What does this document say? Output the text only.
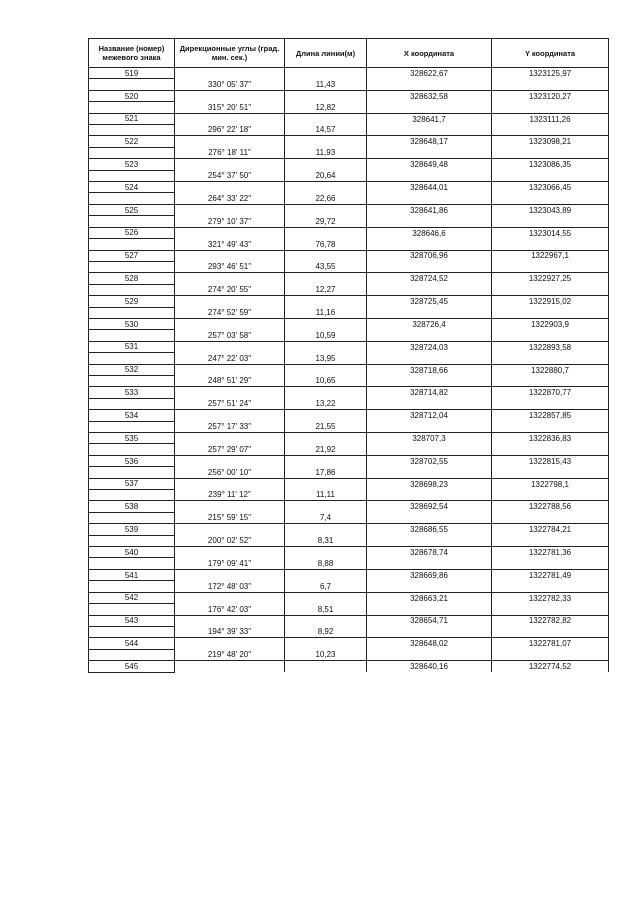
Название (номер) межевого знака	Дирекционные углы (град. мин. сек.)	Длина линии(м)	X координата	Y координата
519			328622,67	1323125,97
	330° 05' 37"	11,43		
520			328632,58	1323120,27
	315° 20' 51"	12,82		
521			328641,7	1323111,26
	296° 22' 18"	14,57		
522			328648,17	1323098,21
	276° 18' 11"	11,93		
523			328649,48	1323086,35
	254° 37' 50"	20,64		
524			328644,01	1323066,45
	264° 33' 22"	22,66		
525			328641,86	1323043,89
	279° 10' 37"	29,72		
526			328646,6	1323014,55
	321° 49' 43"	76,78		
527			328706,96	1322967,1
	293° 46' 51"	43,55		
528			328724,52	1322927,25
	274° 20' 55"	12,27		
529			328725,45	1322915,02
	274° 52' 59"	11,16		
530			328726,4	1322903,9
	257° 03' 58"	10,59		
531			328724,03	1322893,58
	247° 22' 03"	13,95		
532			328718,66	1322880,7
	248° 51' 29"	10,65		
533			328714,82	1322870,77
	257° 51' 24"	13,22		
534			328712,04	1322857,85
	257° 17' 33"	21,55		
535			328707,3	1322836,83
	257° 29' 07"	21,92		
536			328702,55	1322815,43
	256° 00' 10"	17,86		
537			328698,23	1322798,1
	239° 11' 12"	11,11		
538			328692,54	1322788,56
	215° 59' 15"	7,4		
539			328686,55	1322784,21
	200° 02' 52"	8,31		
540			328678,74	1322781,36
	179° 09' 41"	8,88		
541			328669,86	1322781,49
	172° 48' 03"	6,7		
542			328663,21	1322782,33
	176° 42' 03"	8,51		
543			328654,71	1322782,82
	194° 39' 33"	8,92		
544			328648,02	1322781,07
	219° 48' 20"	10,23		
545			328640,16	1322774,52
